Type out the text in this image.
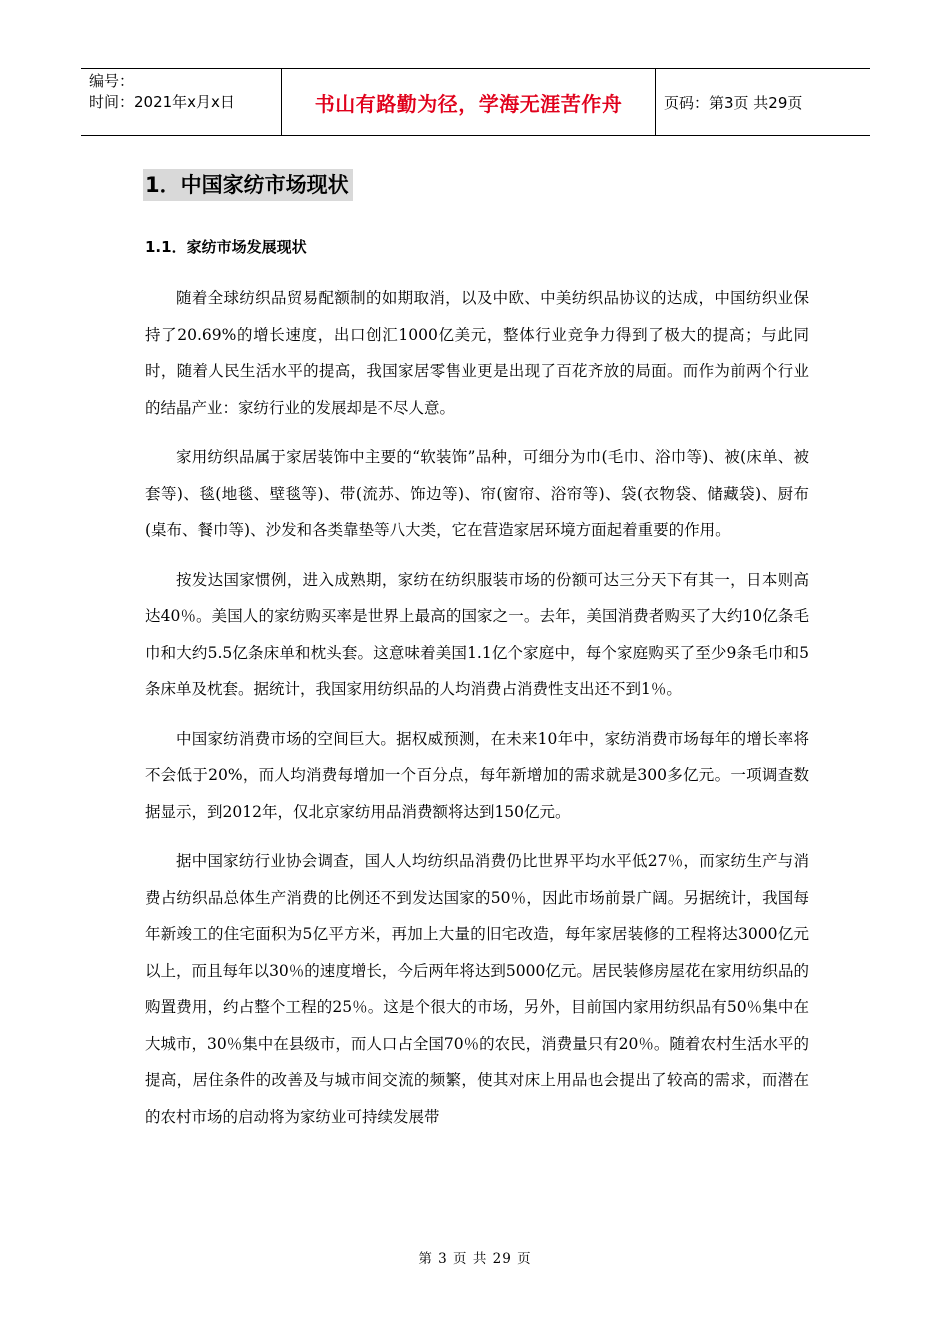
编号：
时间：2021年x月x日	书山有路勤为径，学海无涯苦作舟	页码：第3页 共29页
1．中国家纺市场现状
1.1．家纺市场发展现状

随着全球纺织品贸易配额制的如期取消，以及中欧、中美纺织品协议的达成，中国纺织业保持了20.69%的增长速度，出口创汇1000亿美元，整体行业竞争力得到了极大的提高；与此同时，随着人民生活水平的提高，我国家居零售业更是出现了百花齐放的局面。而作为前两个行业的结晶产业：家纺行业的发展却是不尽人意。

家用纺织品属于家居装饰中主要的“软装饰”品种，可细分为巾(毛巾、浴巾等)、被(床单、被套等)、毯(地毯、壁毯等)、带(流苏、饰边等)、帘(窗帘、浴帘等)、袋(衣物袋、储藏袋)、厨布(桌布、餐巾等)、沙发和各类靠垫等八大类，它在营造家居环境方面起着重要的作用。

按发达国家惯例，进入成熟期，家纺在纺织服装市场的份额可达三分天下有其一，日本则高达40％。美国人的家纺购买率是世界上最高的国家之一。去年，美国消费者购买了大约10亿条毛巾和大约5.5亿条床单和枕头套。这意味着美国1.1亿个家庭中，每个家庭购买了至少9条毛巾和5条床单及枕套。据统计，我国家用纺织品的人均消费占消费性支出还不到1％。

中国家纺消费市场的空间巨大。据权威预测，在未来10年中，家纺消费市场每年的增长率将不会低于20%，而人均消费每增加一个百分点，每年新增加的需求就是300多亿元。一项调查数据显示，到2012年，仅北京家纺用品消费额将达到150亿元。

据中国家纺行业协会调查，国人人均纺织品消费仍比世界平均水平低27％，而家纺生产与消费占纺织品总体生产消费的比例还不到发达国家的50％，因此市场前景广阔。另据统计，我国每年新竣工的住宅面积为5亿平方米，再加上大量的旧宅改造，每年家居装修的工程将达3000亿元以上，而且每年以30％的速度增长，今后两年将达到5000亿元。居民装修房屋花在家用纺织品的购置费用，约占整个工程的25％。这是个很大的市场，另外，目前国内家用纺织品有50％集中在大城市，30％集中在县级市，而人口占全国70％的农民，消费量只有20％。随着农村生活水平的提高，居住条件的改善及与城市间交流的频繁，使其对床上用品也会提出了较高的需求，而潜在的农村市场的启动将为家纺业可持续发展带

第 3 页 共 29 页
